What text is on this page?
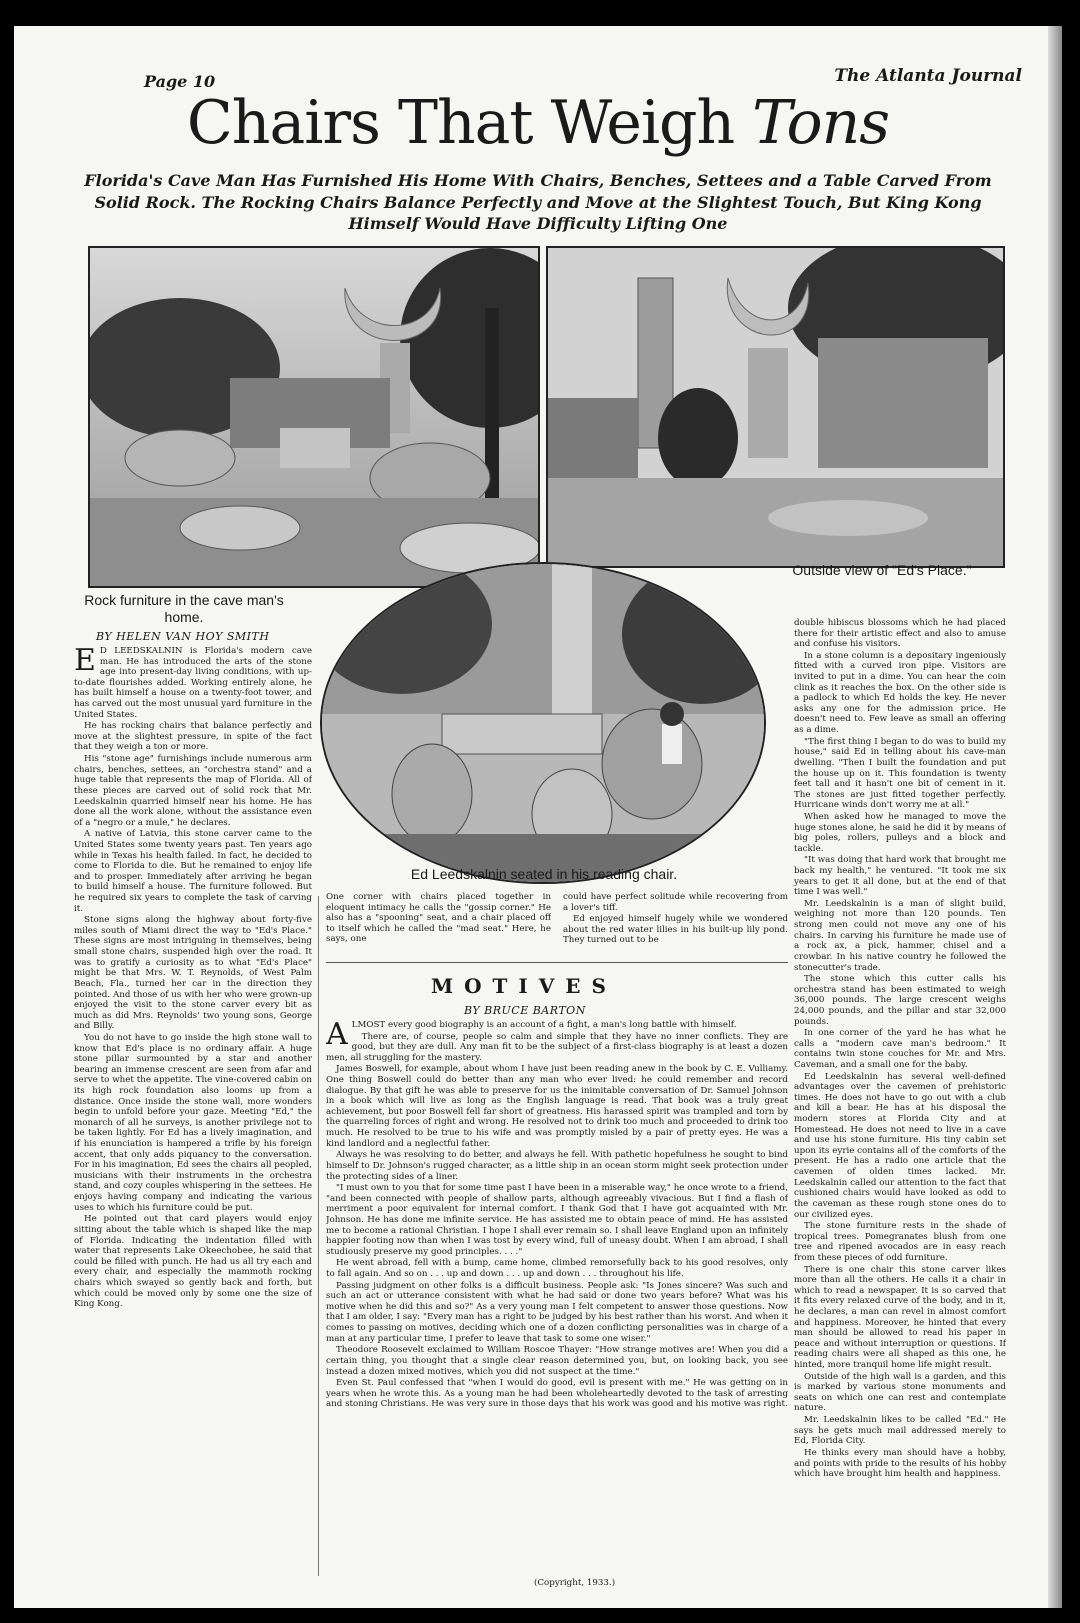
Page 10	The Atlanta Journal
Chairs That Weigh Tons
Florida's Cave Man Has Furnished His Home With Chairs, Benches, Settees and a Table Carved From Solid Rock. The Rocking Chairs Balance Perfectly and Move at the Slightest Touch, But King Kong Himself Would Have Difficulty Lifting One
Rock furniture in the cave man's home.
Outside view of "Ed's Place."
Ed Leedskalnin seated in his reading chair.
BY HELEN VAN HOY SMITH
E D LEEDSKALNIN is Florida's modern cave man. He has introduced the arts of the stone age into present-day living conditions, with up-to-date flourishes added. Working entirely alone, he has built himself a house on a twenty-foot tower, and has carved out the most unusual yard furniture in the United States.

He has rocking chairs that balance perfectly and move at the slightest pressure, in spite of the fact that they weigh a ton or more.

His "stone age" furnishings include numerous arm chairs, benches, settees, an "orchestra stand" and a huge table that represents the map of Florida. All of these pieces are carved out of solid rock that Mr. Leedskalnin quarried himself near his home. He has done all the work alone, without the assistance even of a "negro or a mule," he declares.

A native of Latvia, this stone carver came to the United States some twenty years past. Ten years ago while in Texas his health failed. In fact, he decided to come to Florida to die. But he remained to enjoy life and to prosper. Immediately after arriving he began to build himself a house. The furniture followed. But he required six years to complete the task of carving it.

Stone signs along the highway about forty-five miles south of Miami direct the way to "Ed's Place." These signs are most intriguing in themselves, being small stone chairs, suspended high over the road. It was to gratify a curiosity as to what "Ed's Place" might be that Mrs. W. T. Reynolds, of West Palm Beach, Fla., turned her car in the direction they pointed. And those of us with her who were grown-up enjoyed the visit to the stone carver every bit as much as did Mrs. Reynolds' two young sons, George and Billy.

You do not have to go inside the high stone wall to know that Ed's place is no ordinary affair. A huge stone pillar surmounted by a star and another bearing an immense crescent are seen from afar and serve to whet the appetite. The vine-covered cabin on its high rock foundation also looms up from a distance. Once inside the stone wall, more wonders begin to unfold before your gaze. Meeting "Ed," the monarch of all he surveys, is another privilege not to be taken lightly. For Ed has a lively imagination, and if his enunciation is hampered a trifle by his foreign accent, that only adds piquancy to the conversation. For in his imagination, Ed sees the chairs all peopled, musicians with their instruments in the orchestra stand, and cozy couples whispering in the settees. He enjoys having company and indicating the various uses to which his furniture could be put.

He pointed out that card players would enjoy sitting about the table which is shaped like the map of Florida. Indicating the indentation filled with water that represents Lake Okeechobee, he said that could be filled with punch. He had us all try each and every chair, and especially the mammoth rocking chairs which swayed so gently back and forth, but which could be moved only by some one the size of King Kong.

One corner with chairs placed together in eloquent intimacy he calls the "gossip corner." He also has a "spooning" seat, and a chair placed off to itself which he called the "mad seat." Here, he says, one

could have perfect solitude while recovering from a lover's tiff.

Ed enjoyed himself hugely while we wondered about the red water lilies in his built-up lily pond. They turned out to be

double hibiscus blossoms which he had placed there for their artistic effect and also to amuse and confuse his visitors.

In a stone column is a depositary ingeniously fitted with a curved iron pipe. Visitors are invited to put in a dime. You can hear the coin clink as it reaches the box. On the other side is a padlock to which Ed holds the key. He never asks any one for the admission price. He doesn't need to. Few leave as small an offering as a dime.

"The first thing I began to do was to build my house," said Ed in telling about his cave-man dwelling. "Then I built the foundation and put the house up on it. This foundation is twenty feet tall and it hasn't one bit of cement in it. The stones are just fitted together perfectly. Hurricane winds don't worry me at all."

When asked how he managed to move the huge stones alone, he said he did it by means of big poles, rollers, pulleys and a block and tackle.

"It was doing that hard work that brought me back my health," he ventured. "It took me six years to get it all done, but at the end of that time I was well."

Mr. Leedskalnin is a man of slight build, weighing not more than 120 pounds. Ten strong men could not move any one of his chairs. In carving his furniture he made use of a rock ax, a pick, hammer, chisel and a crowbar. In his native country he followed the stonecutter's trade.

The stone which this cutter calls his orchestra stand has been estimated to weigh 36,000 pounds. The large crescent weighs 24,000 pounds, and the pillar and star 32,000 pounds.

In one corner of the yard he has what he calls a "modern cave man's bedroom." It contains twin stone couches for Mr. and Mrs. Caveman, and a small one for the baby.

Ed Leedskalnin has several well-defined advantages over the cavemen of prehistoric times. He does not have to go out with a club and kill a bear. He has at his disposal the modern stores at Florida City and at Homestead. He does not need to live in a cave and use his stone furniture. His tiny cabin set upon its eyrie contains all of the comforts of the present. He has a radio one article that the cavemen of olden times lacked. Mr. Leedskalnin called our attention to the fact that cushioned chairs would have looked as odd to the caveman as these rough stone ones do to our civilized eyes.

The stone furniture rests in the shade of tropical trees. Pomegranates blush from one tree and ripened avocados are in easy reach from these pieces of odd furniture.

There is one chair this stone carver likes more than all the others. He calls it a chair in which to read a newspaper. It is so carved that it fits every relaxed curve of the body, and in it, he declares, a man can revel in almost comfort and happiness. Moreover, he hinted that every man should be allowed to read his paper in peace and without interruption or questions. If reading chairs were all shaped as this one, he hinted, more tranquil home life might result.

Outside of the high wall is a garden, and this is marked by various stone monuments and seats on which one can rest and contemplate nature.

Mr. Leedskalnin likes to be called "Ed." He says he gets much mail addressed merely to Ed, Florida City.

He thinks every man should have a hobby, and points with pride to the results of his hobby which have brought him health and happiness.

MOTIVES
BY BRUCE BARTON
A LMOST every good biography is an account of a fight, a man's long battle with himself.

There are, of course, people so calm and simple that they have no inner conflicts. They are good, but they are dull. Any man fit to be the subject of a first-class biography is at least a dozen men, all struggling for the mastery.

James Boswell, for example, about whom I have just been reading anew in the book by C. E. Vulliamy. One thing Boswell could do better than any man who ever lived: he could remember and record dialogue. By that gift he was able to preserve for us the inimitable conversation of Dr. Samuel Johnson in a book which will live as long as the English language is read. That book was a truly great achievement, but poor Boswell fell far short of greatness. His harassed spirit was trampled and torn by the quarreling forces of right and wrong. He resolved not to drink too much and proceeded to drink too much. He resolved to be true to his wife and was promptly misled by a pair of pretty eyes. He was a kind landlord and a neglectful father.

Always he was resolving to do better, and always he fell. With pathetic hopefulness he sought to bind himself to Dr. Johnson's rugged character, as a little ship in an ocean storm might seek protection under the protecting sides of a liner.

"I must own to you that for some time past I have been in a miserable way," he once wrote to a friend, "and been connected with people of shallow parts, although agreeably vivacious. But I find a flash of merriment a poor equivalent for internal comfort. I thank God that I have got acquainted with Mr. Johnson. He has done me infinite service. He has assisted me to obtain peace of mind. He has assisted me to become a rational Christian. I hope I shall ever remain so. I shall leave England upon an infinitely happier footing now than when I was tost by every wind, full of uneasy doubt. When I am abroad, I shall studiously preserve my good principles. . . ."

He went abroad, fell with a bump, came home, climbed remorsefully back to his good resolves, only to fall again. And so on . . . up and down . . . up and down . . . throughout his life.

Passing judgment on other folks is a difficult business. People ask: "Is Jones sincere? Was such and such an act or utterance consistent with what he had said or done two years before? What was his motive when he did this and so?" As a very young man I felt competent to answer those questions. Now that I am older, I say: "Every man has a right to be judged by his best rather than his worst. And when it comes to passing on motives, deciding which one of a dozen conflicting personalities was in charge of a man at any particular time, I prefer to leave that task to some one wiser."

Theodore Roosevelt exclaimed to William Roscoe Thayer: "How strange motives are! When you did a certain thing, you thought that a single clear reason determined you, but, on looking back, you see instead a dozen mixed motives, which you did not suspect at the time."

Even St. Paul confessed that "when I would do good, evil is present with me." He was getting on in years when he wrote this. As a young man he had been wholeheartedly devoted to the task of arresting and stoning Christians. He was very sure in those days that his work was good and his motive was right.

(Copyright, 1933.)
